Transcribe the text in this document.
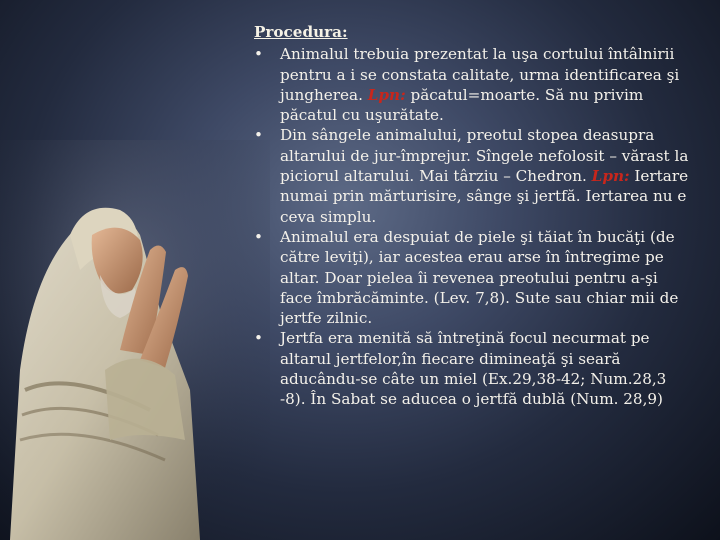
Procedura:
• Animalul trebuia prezentat la uşa cortului întâlnirii pentru a i se constata calitate, urma identificarea şi jungherea. Lpn: păcatul=moarte. Să nu privim păcatul cu uşurătate.
• Din sângele animalului, preotul stopea deasupra altarului de jur-împrejur. Sîngele nefolosit – vărast la piciorul altarului. Mai târziu – Chedron. Lpn: Iertare numai prin mărturisire, sânge şi jertfă. Iertarea nu e ceva simplu.
• Animalul era despuiat de piele şi tăiat în bucăţi (de către leviţi), iar acestea erau arse în întregime pe altar. Doar pielea îi revenea preotului pentru a-şi face îmbrăcăminte. (Lev. 7,8). Sute sau chiar mii de jertfe zilnic.
• Jertfa era menită să întreţină focul necurmat pe altarul jertfelor,în fiecare dimineaţă şi seară aducându-se câte un miel (Ex.29,38-42; Num.28,3 -8). În Sabat se aducea o jertfă dublă (Num. 28,9)
